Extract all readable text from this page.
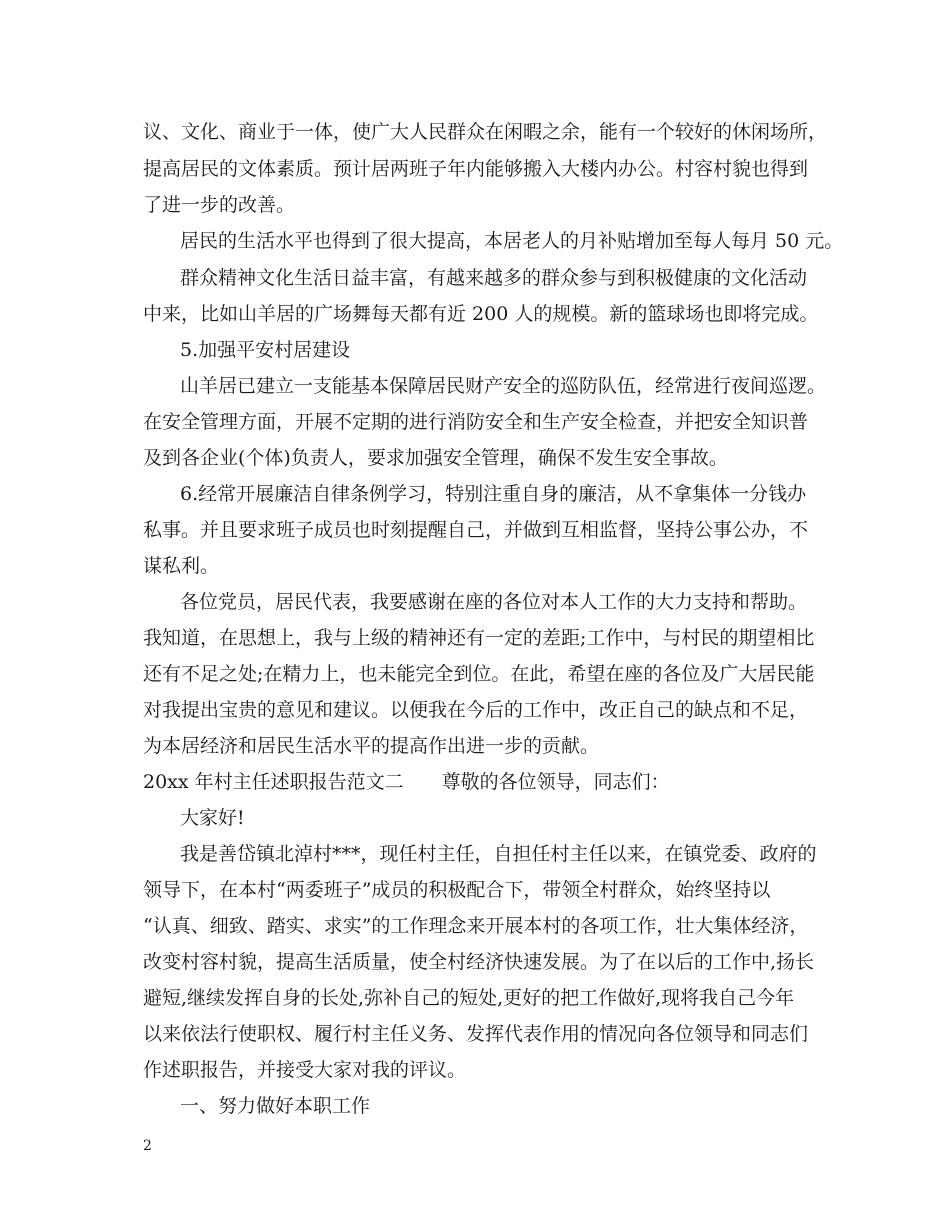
议、文化、商业于一体，使广大人民群众在闲暇之余，能有一个较好的休闲场所，
提高居民的文体素质。预计居两班子年内能够搬入大楼内办公。村容村貌也得到
了进一步的改善。
居民的生活水平也得到了很大提高，本居老人的月补贴增加至每人每月 50 元。
群众精神文化生活日益丰富，有越来越多的群众参与到积极健康的文化活动
中来，比如山羊居的广场舞每天都有近 200 人的规模。新的篮球场也即将完成。
5.加强平安村居建设
山羊居已建立一支能基本保障居民财产安全的巡防队伍，经常进行夜间巡逻。
在安全管理方面，开展不定期的进行消防安全和生产安全检查，并把安全知识普
及到各企业(个体)负责人，要求加强安全管理，确保不发生安全事故。
6.经常开展廉洁自律条例学习，特别注重自身的廉洁，从不拿集体一分钱办
私事。并且要求班子成员也时刻提醒自己，并做到互相监督，坚持公事公办，不
谋私利。
各位党员，居民代表，我要感谢在座的各位对本人工作的大力支持和帮助。
我知道，在思想上，我与上级的精神还有一定的差距;工作中，与村民的期望相比
还有不足之处;在精力上，也未能完全到位。在此，希望在座的各位及广大居民能
对我提出宝贵的意见和建议。以便我在今后的工作中，改正自己的缺点和不足，
为本居经济和居民生活水平的提高作出进一步的贡献。
20xx 年村主任述职报告范文二　　尊敬的各位领导，同志们：
大家好!
我是善岱镇北淖村***，现任村主任，自担任村主任以来，在镇党委、政府的
领导下，在本村“两委班子”成员的积极配合下，带领全村群众，始终坚持以
“认真、细致、踏实、求实”的工作理念来开展本村的各项工作，壮大集体经济，
改变村容村貌，提高生活质量，使全村经济快速发展。为了在以后的工作中,扬长
避短,继续发挥自身的长处,弥补自己的短处,更好的把工作做好,现将我自己今年
以来依法行使职权、履行村主任义务、发挥代表作用的情况向各位领导和同志们
作述职报告，并接受大家对我的评议。
一、努力做好本职工作
2
